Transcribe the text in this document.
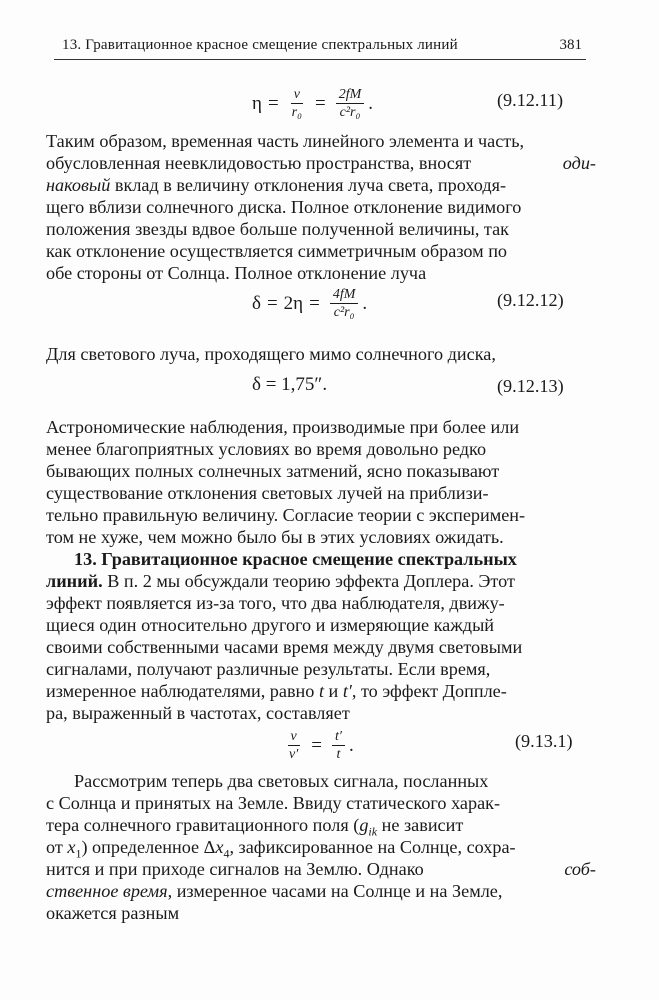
13. Гравитационное красное смещение спектральных линий	381
$\eta = \frac{\nu}{\text{r₀}} = \frac{2fM}{\text{c²r₀}}$ .	(9.12.11)
Таким образом, временная часть линейного элемента и часть,
обусловленная неевклидовостью пространства, вносят	оди-
наковый вклад в величину отклонения луча света, проходя-
щего вблизи солнечного диска. Полное отклонение видимого
положения звезды вдвое больше полученной величины, так
как отклонение осуществляется симметричным образом по
обе стороны от Солнца. Полное отклонение луча
$\delta = 2\eta = \frac{4fM}{\text{c²r₀}}$ .	(9.12.12)
Для светового луча, проходящего мимо солнечного диска,
δ = 1,75″.	(9.12.13)
Астрономические наблюдения, производимые при более или
менее благоприятных условиях во время довольно редко
бывающих полных солнечных затмений, ясно показывают
существование отклонения световых лучей на приблизи-
тельно правильную величину. Согласие теории с эксперимен-
том не хуже, чем можно было бы в этих условиях ожидать.
13. Гравитационное красное смещение спектральных
линий. В п. 2 мы обсуждали теорию эффекта Доплера. Этот
эффект появляется из-за того, что два наблюдателя, движу-
щиеся один относительно другого и измеряющие каждый
своими собственными часами время между двумя световыми
сигналами, получают различные результаты. Если время,
измеренное наблюдателями, равно t и t′, то эффект Доппле-
ра, выраженный в частотах, составляет
$\frac{\nu}{\nu'} = \frac{t'}{t}$ .	(9.13.1)
Рассмотрим теперь два световых сигнала, посланных
с Солнца и принятых на Земле. Ввиду статического харак-
тера солнечного гравитационного поля ($g_{ik}$ не зависит
от $x_1$) определенное $\Delta x_4$, зафиксированное на Солнце, сохра-
нится и при приходе сигналов на Землю. Однако	соб-
ственное время, измеренное часами на Солнце и на Земле,
окажется разным
